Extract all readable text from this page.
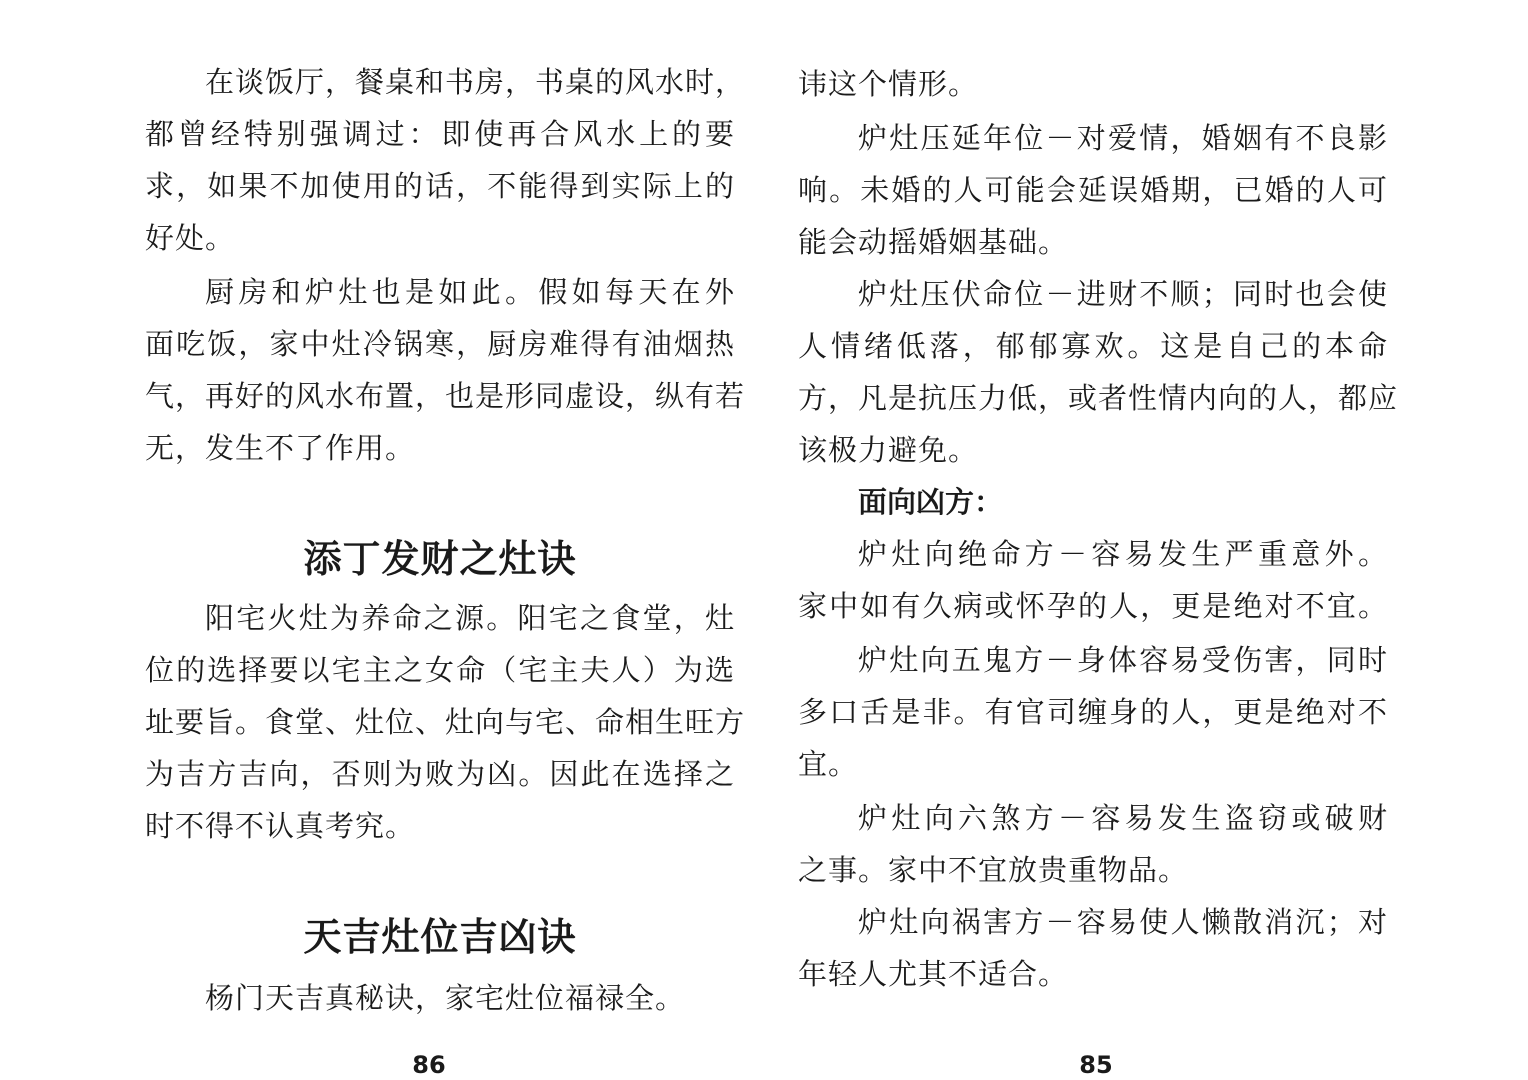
在谈饭厅，餐桌和书房，书桌的风水时，
都曾经特别强调过：即使再合风水上的要
求，如果不加使用的话，不能得到实际上的
好处。
厨房和炉灶也是如此。假如每天在外
面吃饭，家中灶冷锅寒，厨房难得有油烟热
气，再好的风水布置，也是形同虚设，纵有若
无，发生不了作用。
添丁发财之灶诀
阳宅火灶为养命之源。阳宅之食堂，灶
位的选择要以宅主之女命（宅主夫人）为选
址要旨。食堂、灶位、灶向与宅、命相生旺方
为吉方吉向，否则为败为凶。因此在选择之
时不得不认真考究。
天吉灶位吉凶诀
杨门天吉真秘诀，家宅灶位福禄全。
86
讳这个情形。
炉灶压延年位－对爱情，婚姻有不良影
响。未婚的人可能会延误婚期，已婚的人可
能会动摇婚姻基础。
炉灶压伏命位－进财不顺；同时也会使
人情绪低落，郁郁寡欢。这是自己的本命
方，凡是抗压力低，或者性情内向的人，都应
该极力避免。
面向凶方：
炉灶向绝命方－容易发生严重意外。
家中如有久病或怀孕的人，更是绝对不宜。
炉灶向五鬼方－身体容易受伤害，同时
多口舌是非。有官司缠身的人，更是绝对不
宜。
炉灶向六煞方－容易发生盗窃或破财
之事。家中不宜放贵重物品。
炉灶向祸害方－容易使人懒散消沉；对
年轻人尤其不适合。
85
